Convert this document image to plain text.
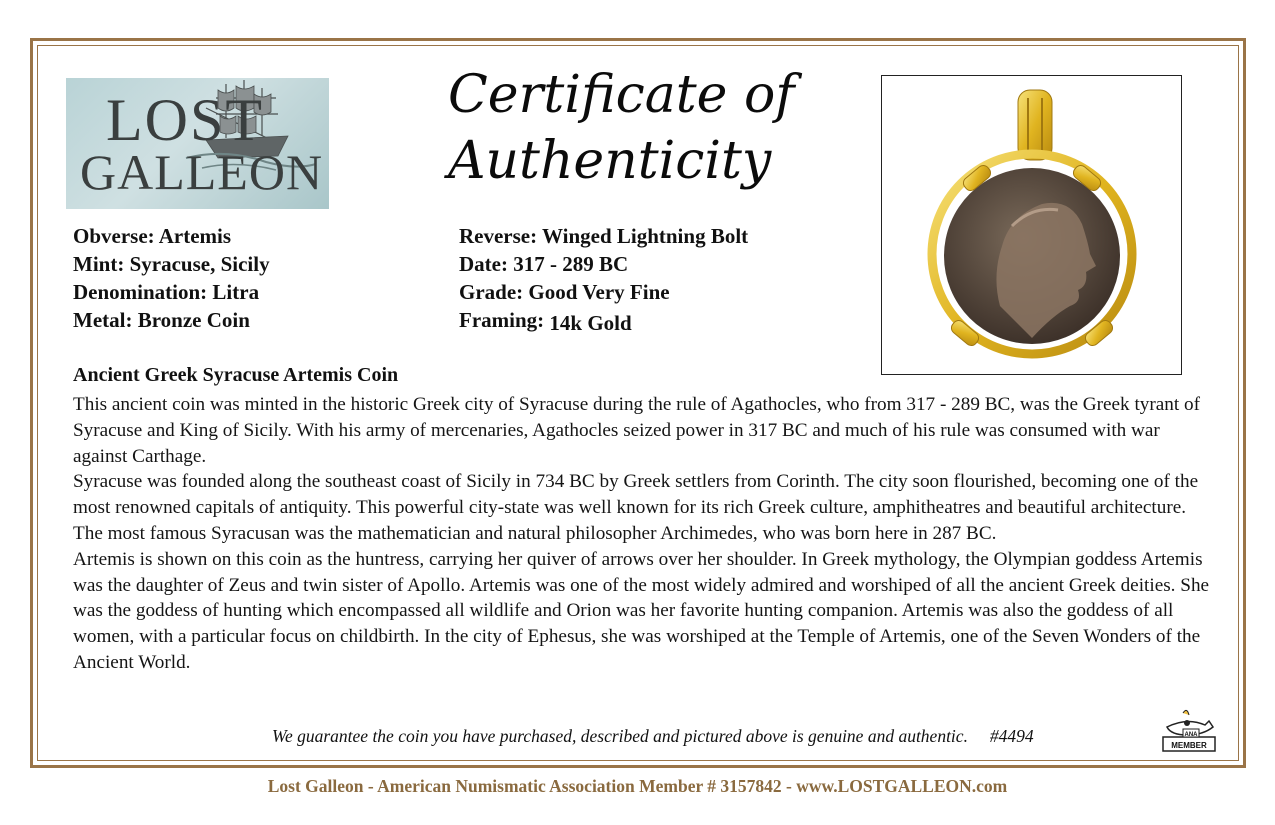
LOST
GALLEON
Certificate of
Authenticity
Obverse: Artemis
Mint: Syracuse, Sicily
Denomination: Litra
Metal: Bronze Coin
Reverse: Winged Lightning Bolt
Date: 317 - 289 BC
Grade: Good Very Fine
Framing: 14k Gold
Ancient Greek Syracuse Artemis Coin

This ancient coin was minted in the historic Greek city of Syracuse during the rule of Agathocles, who from 317 - 289 BC, was the Greek tyrant of Syracuse and King of Sicily. With his army of mercenaries, Agathocles seized power in 317 BC and much of his rule was consumed with war against Carthage.

Syracuse was founded along the southeast coast of Sicily in 734 BC by Greek settlers from Corinth. The city soon flourished, becoming one of the most renowned capitals of antiquity. This powerful city-state was well known for its rich Greek culture, amphitheatres and beautiful architecture. The most famous Syracusan was the mathematician and natural philosopher Archimedes, who was born here in 287 BC.

Artemis is shown on this coin as the huntress, carrying her quiver of arrows over her shoulder. In Greek mythology, the Olympian goddess Artemis was the daughter of Zeus and twin sister of Apollo. Artemis was one of the most widely admired and worshiped of all the ancient Greek deities. She was the goddess of hunting which encompassed all wildlife and Orion was her favorite hunting companion. Artemis was also the goddess of all women, with a particular focus on childbirth. In the city of Ephesus, she was worshiped at the Temple of Artemis, one of the Seven Wonders of the Ancient World.

We guarantee the coin you have purchased, described and pictured above is genuine and authentic. #4494	ANA
MEMBER
Lost Galleon - American Numismatic Association Member # 3157842 - www.LOSTGALLEON.com
